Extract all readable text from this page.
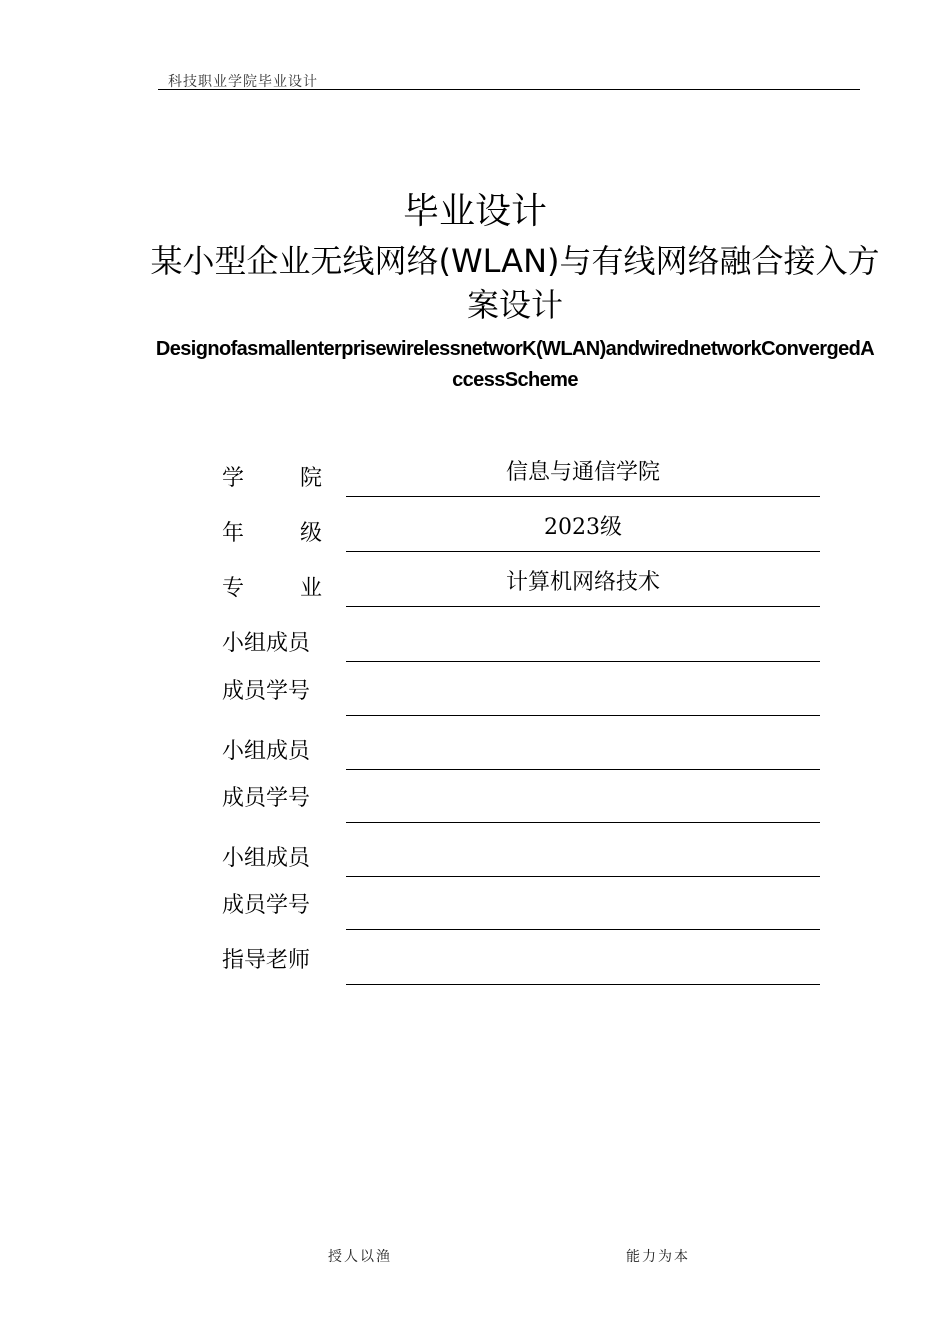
科技职业学院毕业设计
毕业设计
某小型企业无线网络(WLAN)与有线网络融合接入方案设计
DesignofasmallenterprisewirelessnetworK(WLAN)andwirednetworkConvergedAccessScheme
学	院	信息与通信学院
年	级	2023级
专	业	计算机网络技术
小组成员
成员学号
小组成员
成员学号
小组成员
成员学号
指导老师
授人以渔	能力为本
